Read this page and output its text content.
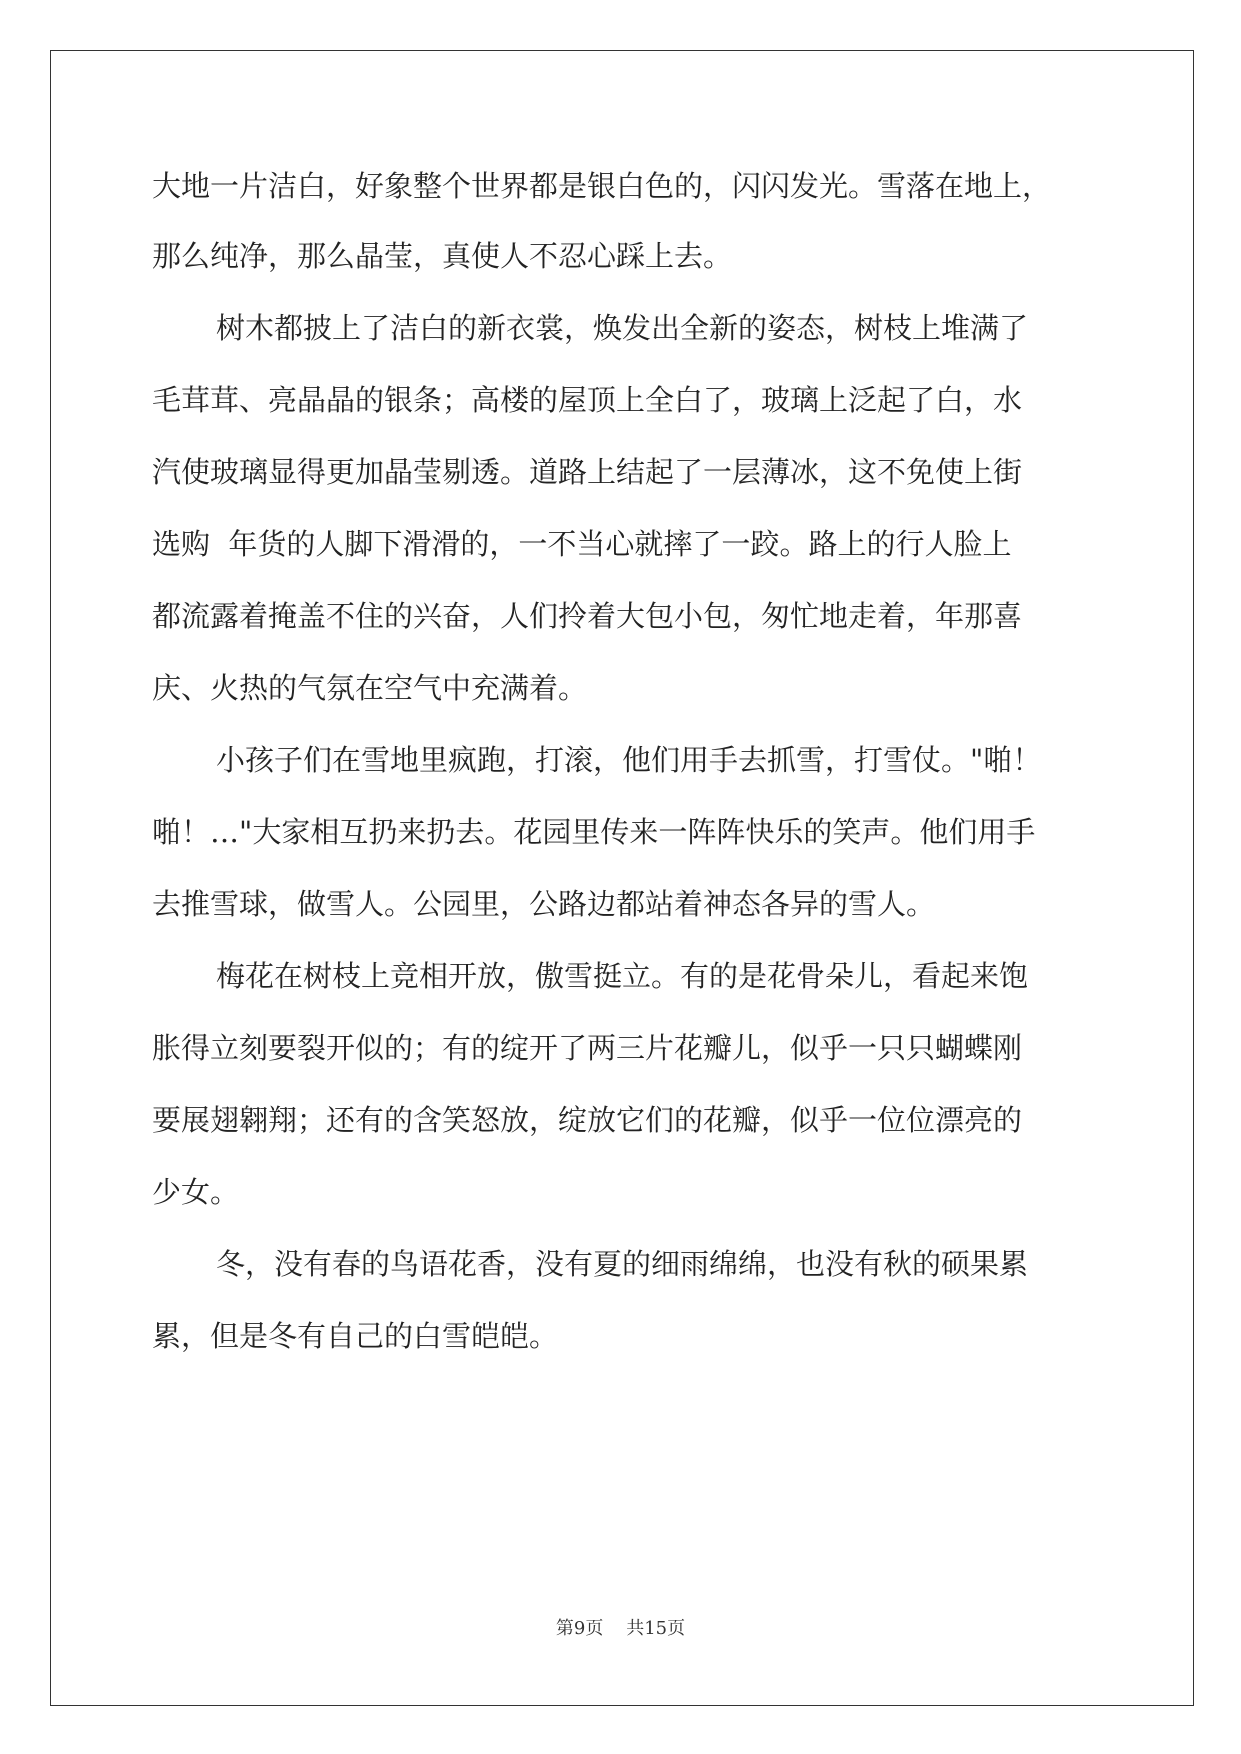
大地一片洁白，好象整个世界都是银白色的，闪闪发光。雪落在地上，
那么纯净，那么晶莹，真使人不忍心踩上去。
树木都披上了洁白的新衣裳，焕发出全新的姿态，树枝上堆满了
毛茸茸、亮晶晶的银条；高楼的屋顶上全白了，玻璃上泛起了白，水
汽使玻璃显得更加晶莹剔透。道路上结起了一层薄冰，这不免使上街
选购  年货的人脚下滑滑的，一不当心就摔了一跤。路上的行人脸上
都流露着掩盖不住的兴奋，人们拎着大包小包，匆忙地走着，年那喜
庆、火热的气氛在空气中充满着。
小孩子们在雪地里疯跑，打滚，他们用手去抓雪，打雪仗。"啪！
啪！…"大家相互扔来扔去。花园里传来一阵阵快乐的笑声。他们用手
去推雪球，做雪人。公园里，公路边都站着神态各异的雪人。
梅花在树枝上竞相开放，傲雪挺立。有的是花骨朵儿，看起来饱
胀得立刻要裂开似的；有的绽开了两三片花瓣儿，似乎一只只蝴蝶刚
要展翅翱翔；还有的含笑怒放，绽放它们的花瓣，似乎一位位漂亮的
少女。
冬，没有春的鸟语花香，没有夏的细雨绵绵，也没有秋的硕果累
累，但是冬有自己的白雪皑皑。
第9页 共15页
